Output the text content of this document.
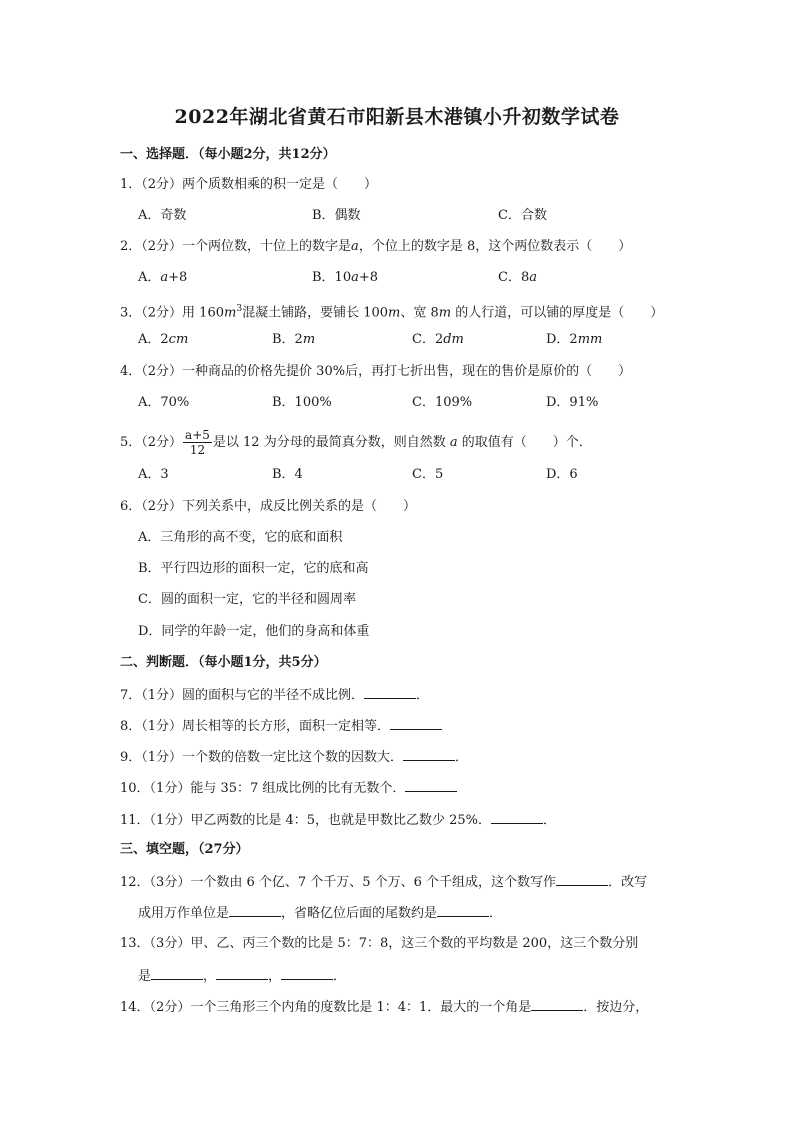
2022年湖北省黄石市阳新县木港镇小升初数学试卷
一、选择题．（每小题2分，共12分）
1．（2分）两个质数相乘的积一定是（　　）
A．奇数	B．偶数	C．合数
2．（2分）一个两位数，十位上的数字是a，个位上的数字是 8，这个两位数表示（　　）
A．a+8	B．10a+8	C．8a
3．（2分）用 $160m^3$混凝土铺路，要铺长 100m、宽 8m 的人行道，可以铺的厚度是（　　）
A．2cm	B．2m	C．2dm	D．2mm
4．（2分）一种商品的价格先提价 30%后，再打七折出售，现在的售价是原价的（　　）
A．70%	B．100%	C．109%	D．91%
5．（2分） $\frac{a+5}{12}$ 是以 12 为分母的最简真分数，则自然数 a 的取值有（　　）个．
A．3	B．4	C．5	D．6
6．（2分）下列关系中，成反比例关系的是（　　）
A．三角形的高不变，它的底和面积
B．平行四边形的面积一定，它的底和高
C．圆的面积一定，它的半径和圆周率
D．同学的年龄一定，他们的身高和体重
二、判断题．（每小题1分，共5分）
7．（1分）圆的面积与它的半径不成比例．	．
8．（1分）周长相等的长方形，面积一定相等．
9．（1分）一个数的倍数一定比这个数的因数大．	．
10．（1分）能与 35：7 组成比例的比有无数个．
11．（1分）甲乙两数的比是 4：5，也就是甲数比乙数少 25%．	．
三、填空题，（27分）
12．（3分）一个数由 6 个亿、7 个千万、5 个万、6 个千组成，这个数写作	．改写
成用万作单位是	，省略亿位后面的尾数约是	．
13．（3分）甲、乙、丙三个数的比是 5：7：8，这三个数的平均数是 200，这三个数分别
是	，	，	．
14．（2分）一个三角形三个内角的度数比是 1：4：1．最大的一个角是	．按边分，
